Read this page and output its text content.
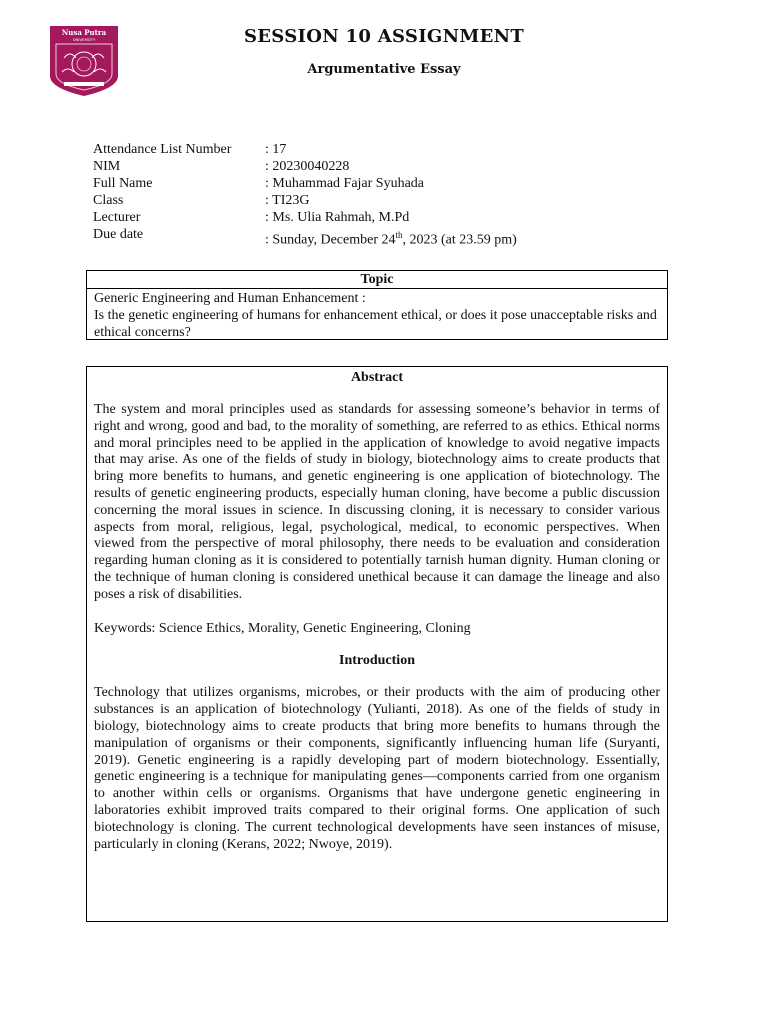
Nusa Putra
UNIVERSITY	SESSION 10 ASSIGNMENT
Argumentative Essay
Attendance List Number	: 17
NIM	: 20230040228
Full Name	: Muhammad Fajar Syuhada
Class	: TI23G
Lecturer	: Ms. Ulia Rahmah, M.Pd
Due date	: Sunday, December 24th, 2023 (at 23.59 pm)
Topic
Generic Engineering and Human Enhancement :
Is the genetic engineering of humans for enhancement ethical, or does it pose unacceptable risks and ethical concerns?
Abstract

The system and moral principles used as standards for assessing someone’s behavior in terms of right and wrong, good and bad, to the morality of something, are referred to as ethics. Ethical norms and moral principles need to be applied in the application of knowledge to avoid negative impacts that may arise. As one of the fields of study in biology, biotechnology aims to create products that bring more benefits to humans, and genetic engineering is one application of biotechnology. The results of genetic engineering products, especially human cloning, have become a public discussion concerning the moral issues in science. In discussing cloning, it is necessary to consider various aspects from moral, religious, legal, psychological, medical, to economic perspectives. When viewed from the perspective of moral philosophy, there needs to be evaluation and consideration regarding human cloning as it is considered to potentially tarnish human dignity. Human cloning or the technique of human cloning is considered unethical because it can damage the lineage and also poses a risk of disabilities.

Keywords: Science Ethics, Morality, Genetic Engineering, Cloning

Introduction

Technology that utilizes organisms, microbes, or their products with the aim of producing other substances is an application of biotechnology (Yulianti, 2018). As one of the fields of study in biology, biotechnology aims to create products that bring more benefits to humans through the manipulation of organisms or their components, significantly influencing human life (Suryanti, 2019). Genetic engineering is a rapidly developing part of modern biotechnology. Essentially, genetic engineering is a technique for manipulating genes—components carried from one organism to another within cells or organisms. Organisms that have undergone genetic engineering in laboratories exhibit improved traits compared to their original forms. One application of such biotechnology is cloning. The current technological developments have seen instances of misuse, particularly in cloning (Kerans, 2022; Nwoye, 2019).
